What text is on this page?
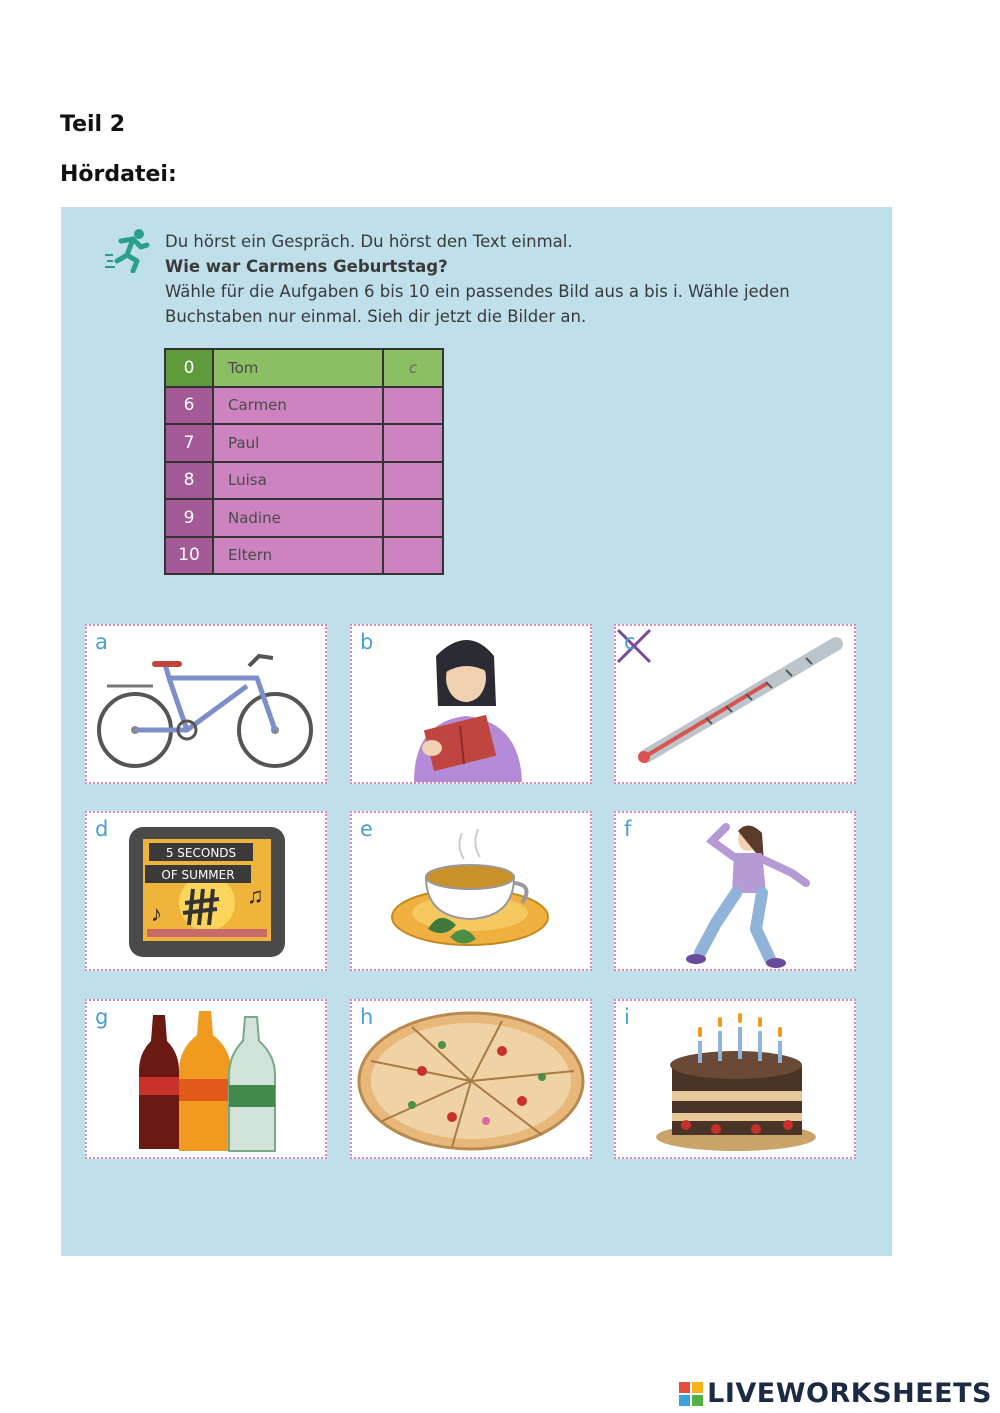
Teil 2
Hördatei:
Du hörst ein Gespräch. Du hörst den Text einmal.
Wie war Carmens Geburtstag?
Wähle für die Aufgaben 6 bis 10 ein passendes Bild aus a bis i. Wähle jeden
Buchstaben nur einmal. Sieh dir jetzt die Bilder an.
0	Tom	c
6	Carmen	
7	Paul	
8	Luisa	
9	Nadine	
10	Eltern	
a	b	c
5 SECONDS
OF SUMMER
♪
♫
d	e	f
g	h	i
LIVEWORKSHEETS
